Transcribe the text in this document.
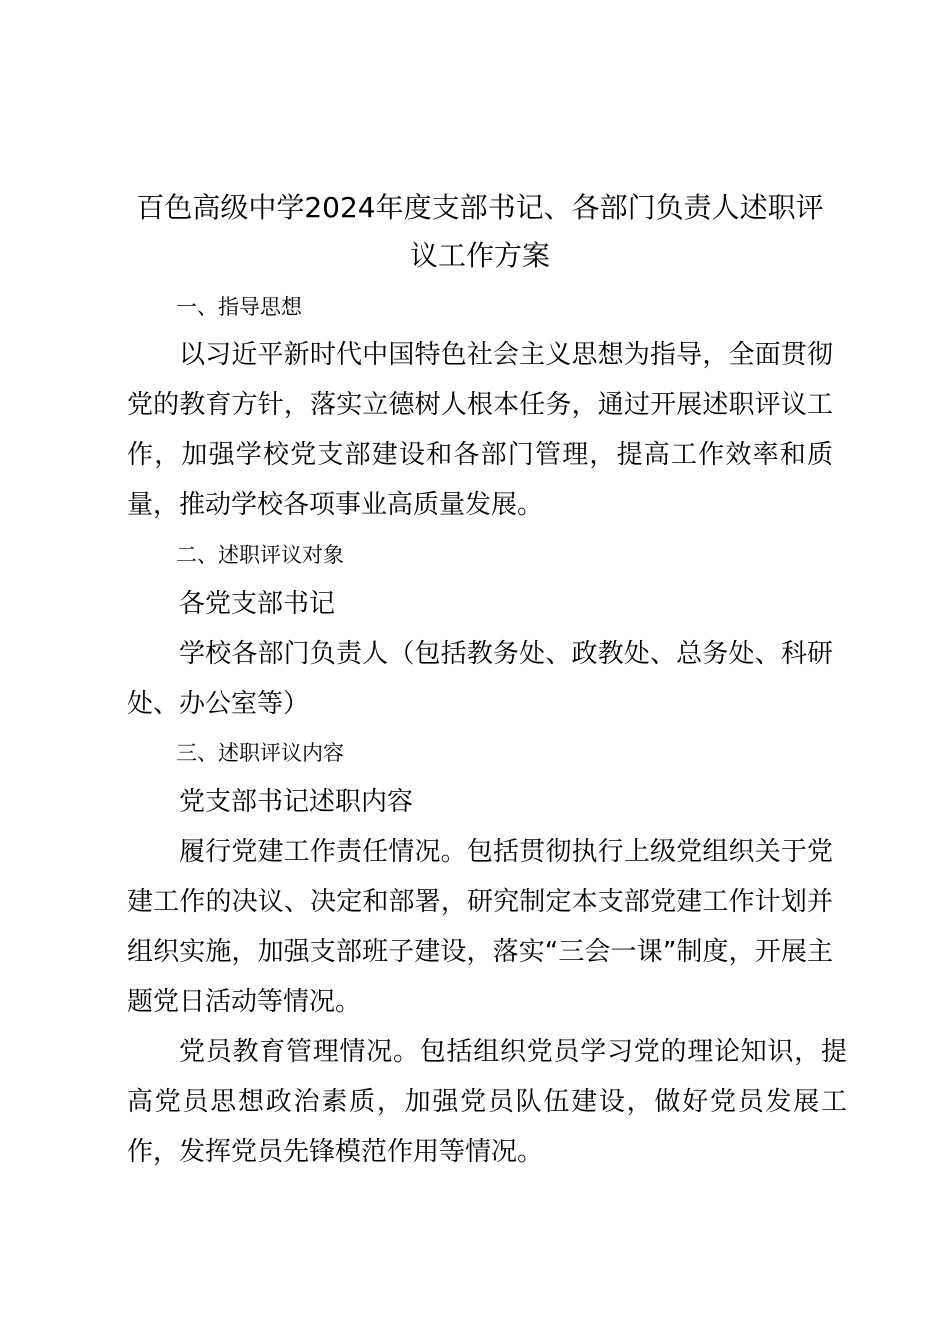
百色高级中学2024年度支部书记、各部门负责人述职评议工作方案

一、指导思想

以习近平新时代中国特色社会主义思想为指导，全面贯彻党的教育方针，落实立德树人根本任务，通过开展述职评议工作，加强学校党支部建设和各部门管理，提高工作效率和质量，推动学校各项事业高质量发展。

二、述职评议对象

各党支部书记

学校各部门负责人（包括教务处、政教处、总务处、科研处、办公室等）

三、述职评议内容

党支部书记述职内容

履行党建工作责任情况。包括贯彻执行上级党组织关于党建工作的决议、决定和部署，研究制定本支部党建工作计划并组织实施，加强支部班子建设，落实“三会一课”制度，开展主题党日活动等情况。

党员教育管理情况。包括组织党员学习党的理论知识，提高党员思想政治素质，加强党员队伍建设，做好党员发展工作，发挥党员先锋模范作用等情况。
